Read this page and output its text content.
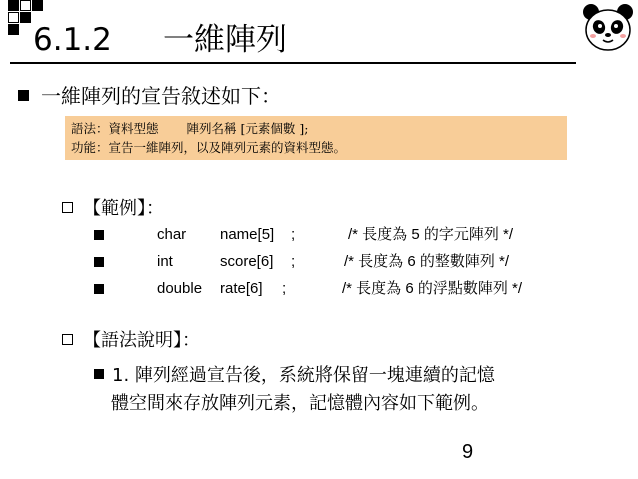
6.1.2 一維陣列
一維陣列的宣告敘述如下：
語法：資料型態 陣列名稱 [元素個數 ];
功能：宣告一維陣列，以及陣列元素的資料型態。
【範例】：
char name[5] ;	/* 長度為 5 的字元陣列 */
int	score[6] ;	/* 長度為 6 的整數陣列 */
double rate[6] ;	/* 長度為 6 的浮點數陣列 */
【語法說明】：
1. 陣列經過宣告後，系統將保留一塊連續的記憶
體空間來存放陣列元素，記憶體內容如下範例。
9
